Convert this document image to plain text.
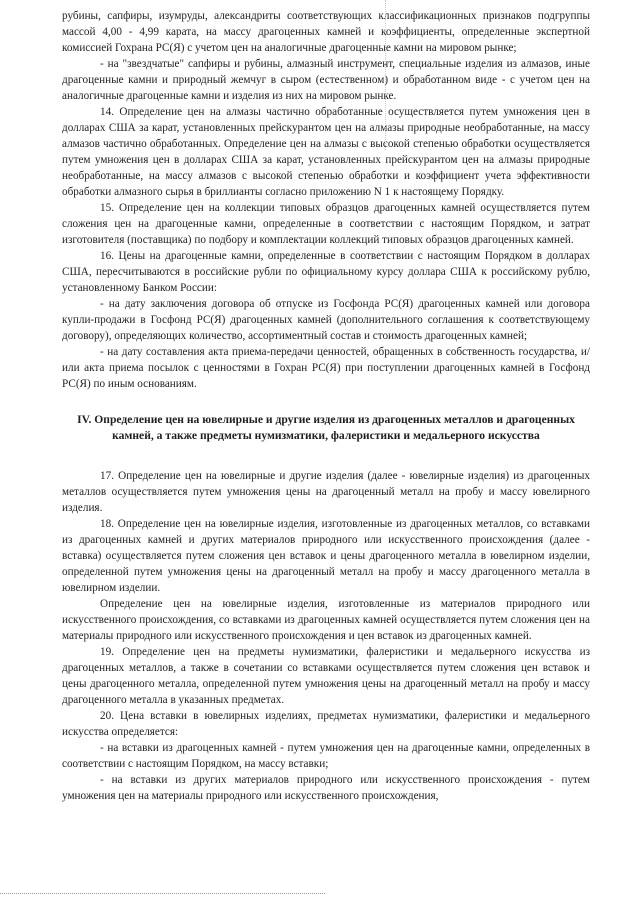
рубины, сапфиры, изумруды, александриты соответствующих классификационных признаков подгруппы массой 4,00 - 4,99 карата, на массу драгоценных камней и коэффициенты, определенные экспертной комиссией Гохрана РС(Я) с учетом цен на аналогичные драгоценные камни на мировом рынке;

- на "звездчатые" сапфиры и рубины, алмазный инструмент, специальные изделия из алмазов, иные драгоценные камни и природный жемчуг в сыром (естественном) и обработанном виде - с учетом цен на аналогичные драгоценные камни и изделия из них на мировом рынке.

14. Определение цен на алмазы частично обработанные осуществляется путем умножения цен в долларах США за карат, установленных прейскурантом цен на алмазы природные необработанные, на массу алмазов частично обработанных. Определение цен на алмазы с высокой степенью обработки осуществляется путем умножения цен в долларах США за карат, установленных прейскурантом цен на алмазы природные необработанные, на массу алмазов с высокой степенью обработки и коэффициент учета эффективности обработки алмазного сырья в бриллианты согласно приложению N 1 к настоящему Порядку.

15. Определение цен на коллекции типовых образцов драгоценных камней осуществляется путем сложения цен на драгоценные камни, определенные в соответствии с настоящим Порядком, и затрат изготовителя (поставщика) по подбору и комплектации коллекций типовых образцов драгоценных камней.

16. Цены на драгоценные камни, определенные в соответствии с настоящим Порядком в долларах США, пересчитываются в российские рубли по официальному курсу доллара США к российскому рублю, установленному Банком России:

- на дату заключения договора об отпуске из Госфонда РС(Я) драгоценных камней или договора купли-продажи в Госфонд РС(Я) драгоценных камней (дополнительного соглашения к соответствующему договору), определяющих количество, ассортиментный состав и стоимость драгоценных камней;

- на дату составления акта приема-передачи ценностей, обращенных в собственность государства, и/или акта приема посылок с ценностями в Гохран РС(Я) при поступлении драгоценных камней в Госфонд РС(Я) по иным основаниям.

IV. Определение цен на ювелирные и другие изделия из драгоценных металлов и драгоценных камней, а также предметы нумизматики, фалеристики и медальерного искусства

17. Определение цен на ювелирные и другие изделия (далее - ювелирные изделия) из драгоценных металлов осуществляется путем умножения цены на драгоценный металл на пробу и массу ювелирного изделия.

18. Определение цен на ювелирные изделия, изготовленные из драгоценных металлов, со вставками из драгоценных камней и других материалов природного или искусственного происхождения (далее - вставка) осуществляется путем сложения цен вставок и цены драгоценного металла в ювелирном изделии, определенной путем умножения цены на драгоценный металл на пробу и массу драгоценного металла в ювелирном изделии.

Определение цен на ювелирные изделия, изготовленные из материалов природного или искусственного происхождения, со вставками из драгоценных камней осуществляется путем сложения цен на материалы природного или искусственного происхождения и цен вставок из драгоценных камней.

19. Определение цен на предметы нумизматики, фалеристики и медальерного искусства из драгоценных металлов, а также в сочетании со вставками осуществляется путем сложения цен вставок и цены драгоценного металла, определенной путем умножения цены на драгоценный металл на пробу и массу драгоценного металла в указанных предметах.

20. Цена вставки в ювелирных изделиях, предметах нумизматики, фалеристики и медальерного искусства определяется:

- на вставки из драгоценных камней - путем умножения цен на драгоценные камни, определенных в соответствии с настоящим Порядком, на массу вставки;

- на вставки из других материалов природного или искусственного происхождения - путем умножения цен на материалы природного или искусственного происхождения,
